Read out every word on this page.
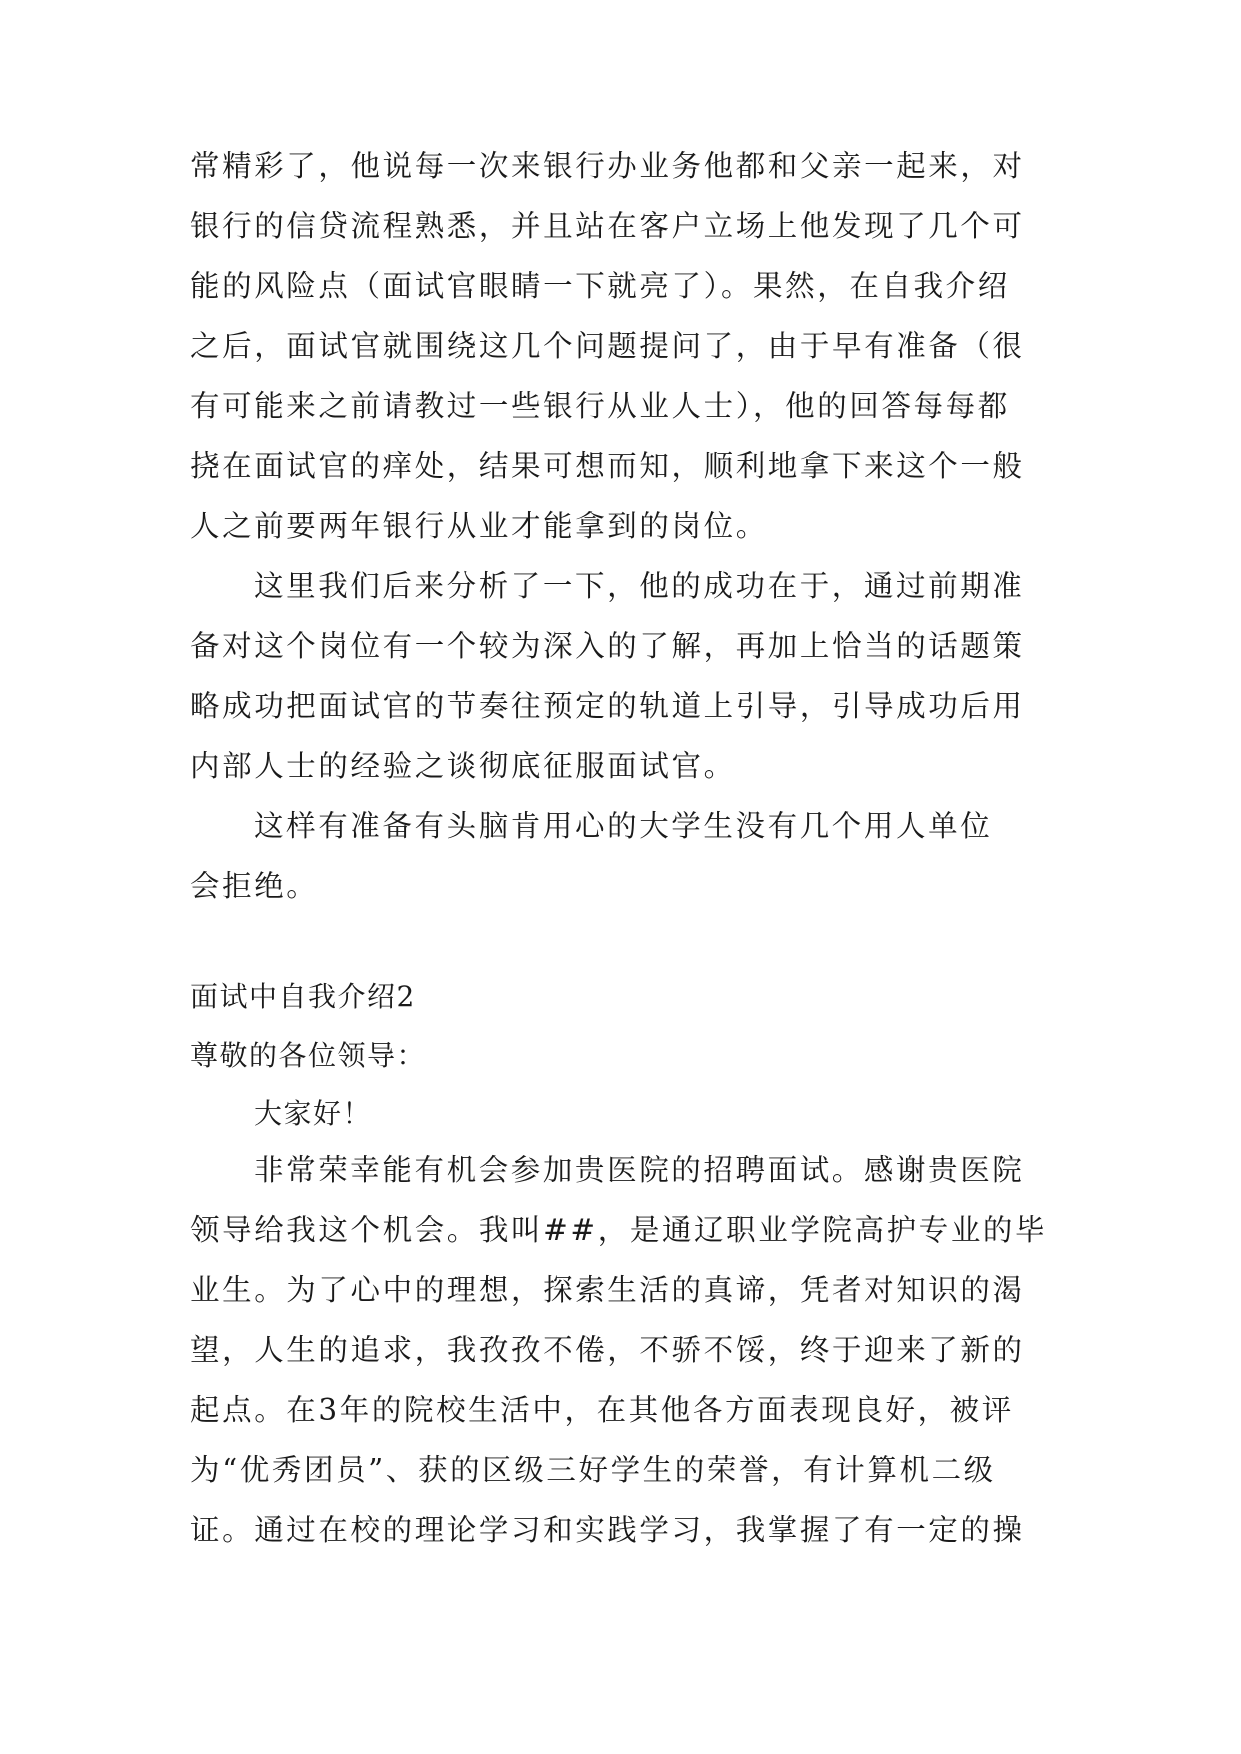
常精彩了，他说每一次来银行办业务他都和父亲一起来，对
银行的信贷流程熟悉，并且站在客户立场上他发现了几个可
能的风险点（面试官眼睛一下就亮了）。果然，在自我介绍
之后，面试官就围绕这几个问题提问了，由于早有准备（很
有可能来之前请教过一些银行从业人士），他的回答每每都
挠在面试官的痒处，结果可想而知，顺利地拿下来这个一般
人之前要两年银行从业才能拿到的岗位。
这里我们后来分析了一下，他的成功在于，通过前期准
备对这个岗位有一个较为深入的了解，再加上恰当的话题策
略成功把面试官的节奏往预定的轨道上引导，引导成功后用
内部人士的经验之谈彻底征服面试官。
这样有准备有头脑肯用心的大学生没有几个用人单位
会拒绝。
面试中自我介绍2
尊敬的各位领导：
大家好！
非常荣幸能有机会参加贵医院的招聘面试。感谢贵医院
领导给我这个机会。我叫##，是通辽职业学院高护专业的毕
业生。为了心中的理想，探索生活的真谛，凭者对知识的渴
望，人生的追求，我孜孜不倦，不骄不馁，终于迎来了新的
起点。在3年的院校生活中，在其他各方面表现良好，被评
为“优秀团员”、获的区级三好学生的荣誉，有计算机二级
证。通过在校的理论学习和实践学习，我掌握了有一定的操
